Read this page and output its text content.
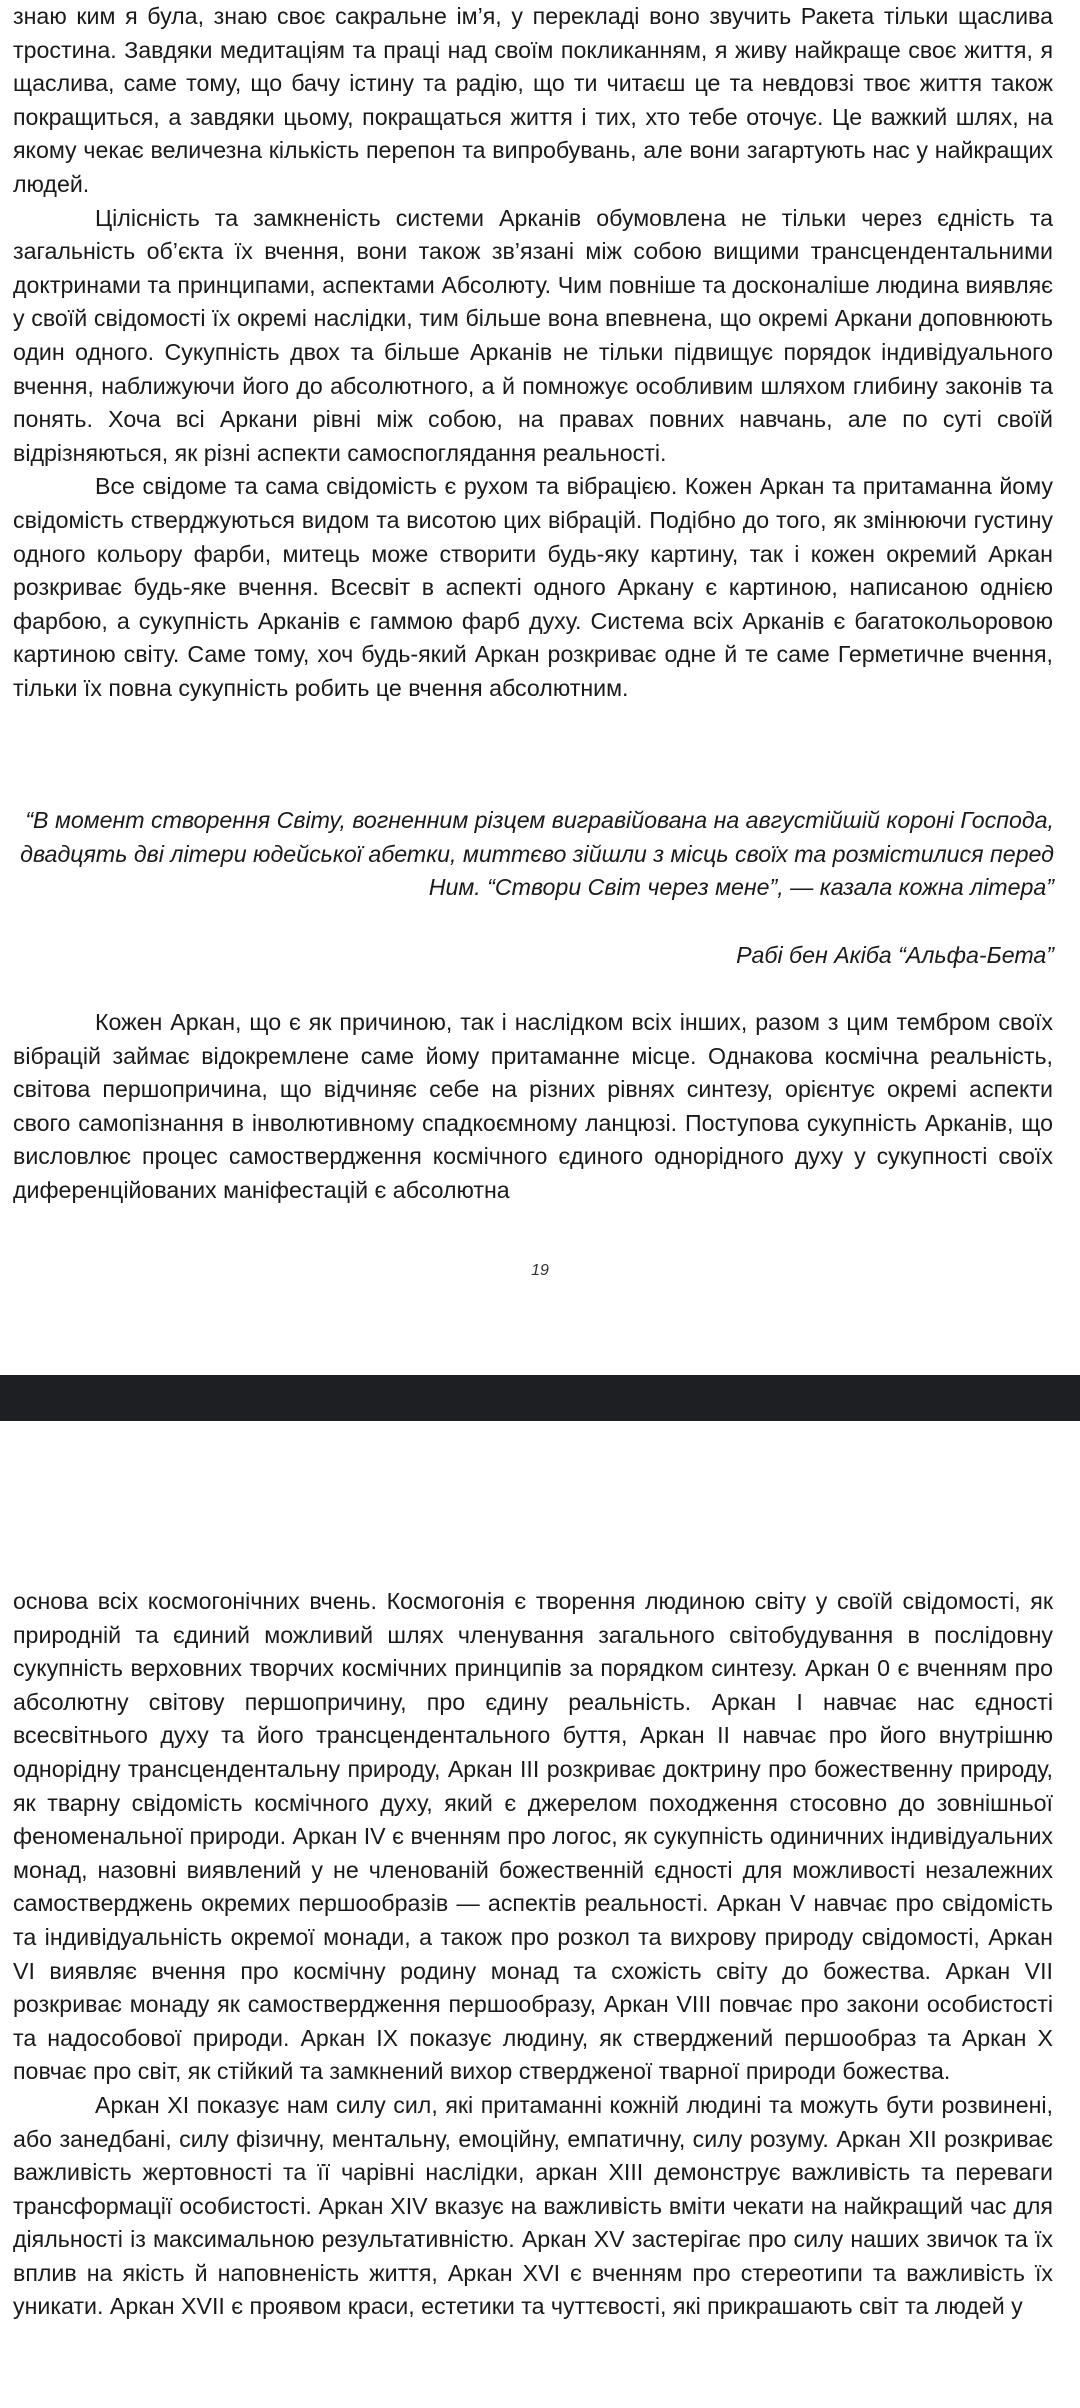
знаю ким я була, знаю своє сакральне ім’я, у перекладі воно звучить Ракета тільки щаслива тростина. Завдяки медитаціям та праці над своїм покликанням, я живу найкраще своє життя, я щаслива, саме тому, що бачу істину та радію, що ти читаєш це та невдовзі твоє життя також покращиться, а завдяки цьому, покращаться життя і тих, хто тебе оточує. Це важкий шлях, на якому чекає величезна кількість перепон та випробувань, але вони загартують нас у найкращих людей.

Цілісність та замкненість системи Арканів обумовлена не тільки через єдність та загальність об’єкта їх вчення, вони також зв’язані між собою вищими трансцендентальними доктринами та принципами, аспектами Абсолюту. Чим повніше та досконаліше людина виявляє у своїй свідомості їх окремі наслідки, тим більше вона впевнена, що окремі Аркани доповнюють один одного. Сукупність двох та більше Арканів не тільки підвищує порядок індивідуального вчення, наближуючи його до абсолютного, а й помножує особливим шляхом глибину законів та понять. Хоча всі Аркани рівні між собою, на правах повних навчань, але по суті своїй відрізняються, як різні аспекти самоспоглядання реальності.

Все свідоме та сама свідомість є рухом та вібрацією. Кожен Аркан та притаманна йому свідомість стверджуються видом та висотою цих вібрацій. Подібно до того, як змінюючи густину одного кольору фарби, митець може створити будь-яку картину, так і кожен окремий Аркан розкриває будь-яке вчення. Всесвіт в аспекті одного Аркану є картиною, написаною однією фарбою, а сукупність Арканів є гаммою фарб духу. Система всіх Арканів є багатокольоровою картиною світу. Саме тому, хоч будь-який Аркан розкриває одне й те саме Герметичне вчення, тільки їх повна сукупність робить це вчення абсолютним.

“В момент створення Світу, вогненним різцем вигравійована на августійшій короні Господа, двадцять дві літери юдейської абетки, миттєво зійшли з місць своїх та розмістилися перед Ним. “Створи Світ через мене”, — казала кожна літера”
Рабі бен Акіба “Альфа-Бета”

Кожен Аркан, що є як причиною, так і наслідком всіх інших, разом з цим тембром своїх вібрацій займає відокремлене саме йому притаманне місце. Однакова космічна реальність, світова першопричина, що відчиняє себе на різних рівнях синтезу, орієнтує окремі аспекти свого самопізнання в інволютивному спадкоємному ланцюзі. Поступова сукупність Арканів, що висловлює процес самоствердження космічного єдиного однорідного духу у сукупності своїх диференційованих маніфестацій є абсолютна

19

основа всіх космогонічних вчень. Космогонія є творення людиною світу у своїй свідомості, як природній та єдиний можливий шлях членування загального світобудування в послідовну сукупність верховних творчих космічних принципів за порядком синтезу. Аркан 0 є вченням про абсолютну світову першопричину, про єдину реальність. Аркан I навчає нас єдності всесвітнього духу та його трансцендентального буття, Аркан II навчає про його внутрішню однорідну трансцендентальну природу, Аркан III розкриває доктрину про божественну природу, як тварну свідомість космічного духу, який є джерелом походження стосовно до зовнішньої феноменальної природи. Аркан IV є вченням про логос, як сукупність одиничних індивідуальних монад, назовні виявлений у не членованій божественній єдності для можливості незалежних самостверджень окремих першообразів — аспектів реальності. Аркан V навчає про свідомість та індивідуальність окремої монади, а також про розкол та вихрову природу свідомості, Аркан VI виявляє вчення про космічну родину монад та схожість світу до божества. Аркан VII розкриває монаду як самоствердження першообразу, Аркан VIII повчає про закони особистості та надособової природи. Аркан IX показує людину, як стверджений першообраз та Аркан X повчає про світ, як стійкий та замкнений вихор ствердженої тварної природи божества.

Аркан XI показує нам силу сил, які притаманні кожній людині та можуть бути розвинені, або занедбані, силу фізичну, ментальну, емоційну, емпатичну, силу розуму. Аркан XII розкриває важливість жертовності та її чарівні наслідки, аркан XIII демонструє важливість та переваги трансформації особистості. Аркан XIV вказує на важливість вміти чекати на найкращий час для діяльності із максимальною результативністю. Аркан XV застерігає про силу наших звичок та їх вплив на якість й наповненість життя, Аркан XVI є вченням про стереотипи та важливість їх уникати. Аркан XVII є проявом краси, естетики та чуттєвості, які прикрашають світ та людей у
